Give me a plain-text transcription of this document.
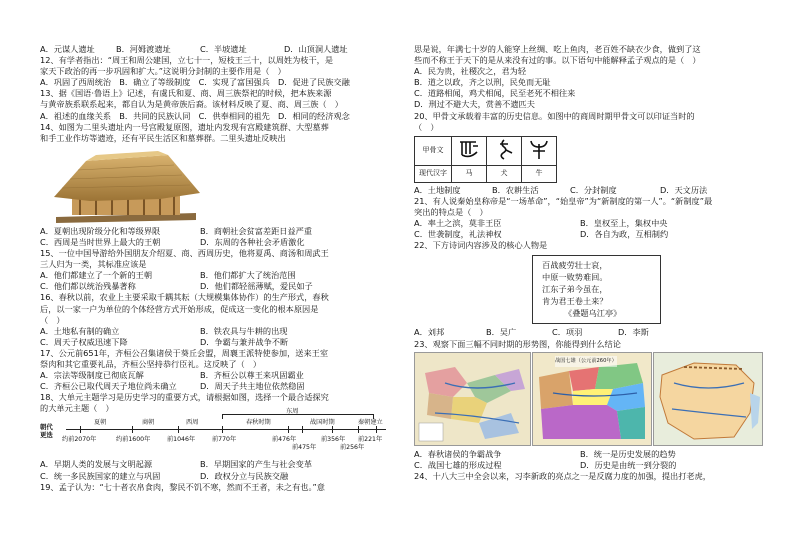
A．元谋人遗址	B．河姆渡遗址	C．半坡遗址	D．山顶洞人遗址
12、有学者指出：“周王和周公建国，立七十一，短枝王三十，以周姓为枝干，是
家天下政治的再一步巩固和扩大。”这说明分封制的主要作用是（　）
A．巩固了西周统治　B．确立了等级制度　C．实现了富国强兵　D．促进了民族交融
13、据《国语·鲁语上》记述，有虞氏和夏、商、周三族祭祀的时候，把本族来源
与黄帝族系联系起来，都自认为是黄帝族后裔。该材料反映了夏、商、周三族（　）
A．祖述的血缘关系　B．共同的民族认同　C．供奉相同的祖先　D．相同的经济观念
14、如图为二里头遗址内一号宫殿复原图，遗址内发现有宫殿建筑群、大型墓葬
和手工业作坊等遗迹，还有平民生活区和墓葬群。二里头遗址反映出
A．夏朝出现阶级分化和等级界限	B．商朝社会贫富差距日益严重
C．西周是当时世界上最大的王朝	D．东周的各种社会矛盾激化
15、一位中国导游给外国朋友介绍夏、商、西周历史，他将夏禹、商汤和周武王
三人归为一类，其标准应该是
A．他们都建立了一个新的王朝	B．他们都扩大了统治范围
C．他们都以统治残暴著称	D．他们都轻徭薄赋，爱民如子
16、春秋以前，农业上主要采取千耦其耘（大规模集体协作）的生产形式，春秋
后，以一家一户为单位的个体经营方式开始形成，促成这一变化的根本原因是
（　）
A．土地私有制的确立	B．铁农具与牛耕的出现
C．周天子权威迅速下降	D．争霸与兼并战争不断
17、公元前651年，齐桓公召集诸侯于葵丘会盟，周襄王派特使参加，送来王室
祭肉和其它重要礼品，齐桓公坚持恭行臣礼。这反映了（　）
A．宗法等级制度已彻底瓦解	B．齐桓公以尊王来巩固霸业
C．齐桓公已取代周天子地位尚未确立	D．周天子共主地位依然稳固
18、大单元主题学习是历史学习的重要方式，请根据如图，选择一个最合适探究
的大单元主题（　）
朝代
更迭
东周
夏朝	商朝	西周	春秋时期	战国时期	秦朝建立
约前2070年	约前1600年	前1046年	前770年	前476年
前475年
前356年
前256年
前221年
A．早期人类的发展与文明起源	B．早期国家的产生与社会变革
C．统一多民族国家的建立与巩固	D．政权分立与民族交融
19、孟子认为：“七十者衣帛食肉，黎民不饥不寒，然而不王者，未之有也。”意
思是说，年满七十岁的人能穿上丝绸、吃上鱼肉，老百姓不缺衣少食，做到了这
些而不称王于天下的是从来没有过的事。以下语句中能解释孟子观点的是（　）
A．民为贵，社稷次之，君为轻
B．道之以政，齐之以刑，民免而无耻
C．道路相闻，鸡犬相闻，民至老死不相往来
D．刑过不避大夫，赏善不遗匹夫
20、甲骨文承载着丰富的历史信息。如图中的商周时期甲骨文可以印证当时的
（　）
甲骨文			
现代汉字	马	犬	牛
A．土地制度	B．农耕生活	C．分封制度	D．天文历法
21、有人说秦始皇称帝是“一场革命”，“始皇帝”为“新制度的第一人”。“新制度”最
突出的特点是（　）
A．率土之滨，莫非王臣	B．皇权至上，集权中央
C．世袭制度，礼法神权	D．各自为政，互相制约
22、下方诗词内容涉及的核心人物是
百战疲劳壮士哀，
中原一败势难回。
江东子弟今虽在，
肯为君王卷土来？
《叠题乌江亭》
A．刘邦	B．吴广	C．项羽	D．李斯
23、观察下面三幅不同时期的形势图，你能得到什么结论
战国七雄（公元前260年）
A．春秋诸侯的争霸战争	B．统一是历史发展的趋势
C．战国七雄的形成过程	D．历史是由统一到分裂的
24、十八大三中全会以来，习李新政的亮点之一是反腐力度的加强，提出打老虎，
